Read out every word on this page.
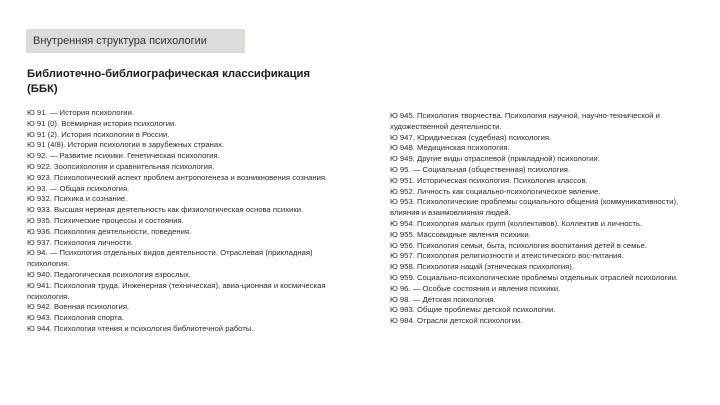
Внутренняя структура психологии
Библиотечно-библиографическая классификация (ББК)
Ю 91. — История психологии.
Ю 91 (0). Всемирная история психологии.
Ю 91 (2). История психологии в России.
Ю 91 (4/8). История психологии в зарубежных странах.
Ю 92. — Развитие психики. Генетическая психология.
Ю 922. Зоопсихология и сравнительная психология.
Ю 923. Психологический аспект проблем антропогенеза и возникновения сознания.
Ю 93. — Общая психология.
Ю 932. Психика и сознание.
Ю 933. Высшая нервная деятельность как физиологическая основа психики.
Ю 935. Психические процессы и состояния.
Ю 936. Психология деятельности, поведения.
Ю 937. Психология личности.
Ю 94. — Психология отдельных видов деятельности. Отраслевая (прикладная) психология.
Ю 940. Педагогическая психология взрослых.
Ю 941. Психология труда. Инженерная (техническая), авиа-ционная и космическая психология.
Ю 942. Военная психология.
Ю 943. Психология спорта.
Ю 944. Психология чтения и психология библиотечной работы.
Ю 945. Психология творчества. Психология научной, научно-технической и художественной деятельности.
Ю 947. Юридическая (судебная) психология.
Ю 948. Медицинская психология.
Ю 949. Другие виды отраслевой (прикладной) психологии.
Ю 95. — Социальная (общественная) психология.
Ю 951. Историческая психология. Психология классов.
Ю 952. Личность как социально-психологическое явление.
Ю 953. Психологические проблемы социального общения (коммуникативности), влияния и взаимовлияния людей.
Ю 954. Психология малых групп (коллективов). Коллектив и личность.
Ю 955. Массовидные явления психики.
Ю 956. Психология семьи, быта, психология воспитания детей в семье.
Ю 957. Психология религиозности и атеистического вос-питания.
Ю 958. Психология наций (этническая психология).
Ю 959. Социально-психологические проблемы отдельных отраслей психологии.
Ю 96. — Особые состояния и явления психики.
Ю 98. — Детская психология.
Ю 983. Общие проблемы детской психологии.
Ю 984. Отрасли детской психологии.
